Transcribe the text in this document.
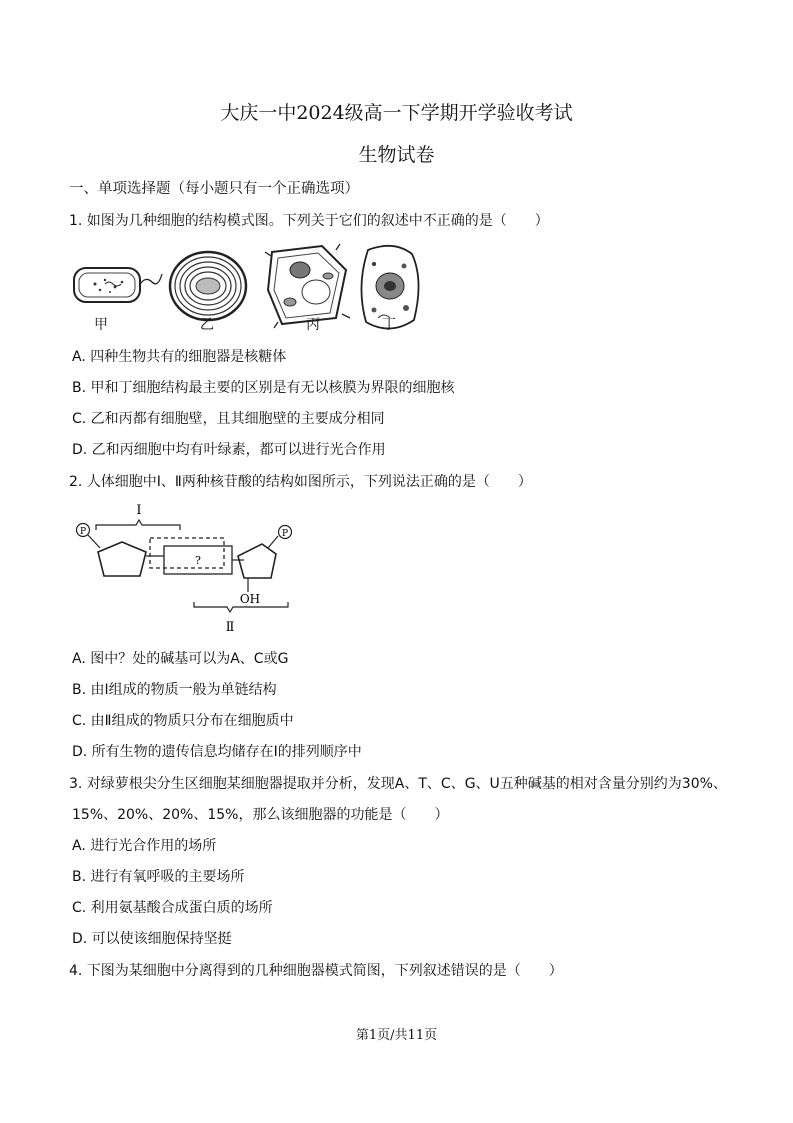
大庆一中2024级高一下学期开学验收考试
生物试卷
一、单项选择题（每小题只有一个正确选项）
1. 如图为几种细胞的结构模式图。下列关于它们的叙述中不正确的是（　　）
甲	乙	丙	丁
A. 四种生物共有的细胞器是核糖体
B. 甲和丁细胞结构最主要的区别是有无以核膜为界限的细胞核
C. 乙和丙都有细胞壁，且其细胞壁的主要成分相同
D. 乙和丙细胞中均有叶绿素，都可以进行光合作用
2. 人体细胞中Ⅰ、Ⅱ两种核苷酸的结构如图所示，下列说法正确的是（　　）
Ⅰ
P
?
P
OH
Ⅱ
A. 图中？处的碱基可以为A、C或G
B. 由Ⅰ组成的物质一般为单链结构
C. 由Ⅱ组成的物质只分布在细胞质中
D. 所有生物的遗传信息均储存在Ⅰ的排列顺序中
3. 对绿萝根尖分生区细胞某细胞器提取并分析，发现A、T、C、G、U五种碱基的相对含量分别约为30%、
15%、20%、20%、15%，那么该细胞器的功能是（　　）
A. 进行光合作用的场所
B. 进行有氧呼吸的主要场所
C. 利用氨基酸合成蛋白质的场所
D. 可以使该细胞保持坚挺
4. 下图为某细胞中分离得到的几种细胞器模式简图，下列叙述错误的是（　　）
第1页/共11页
